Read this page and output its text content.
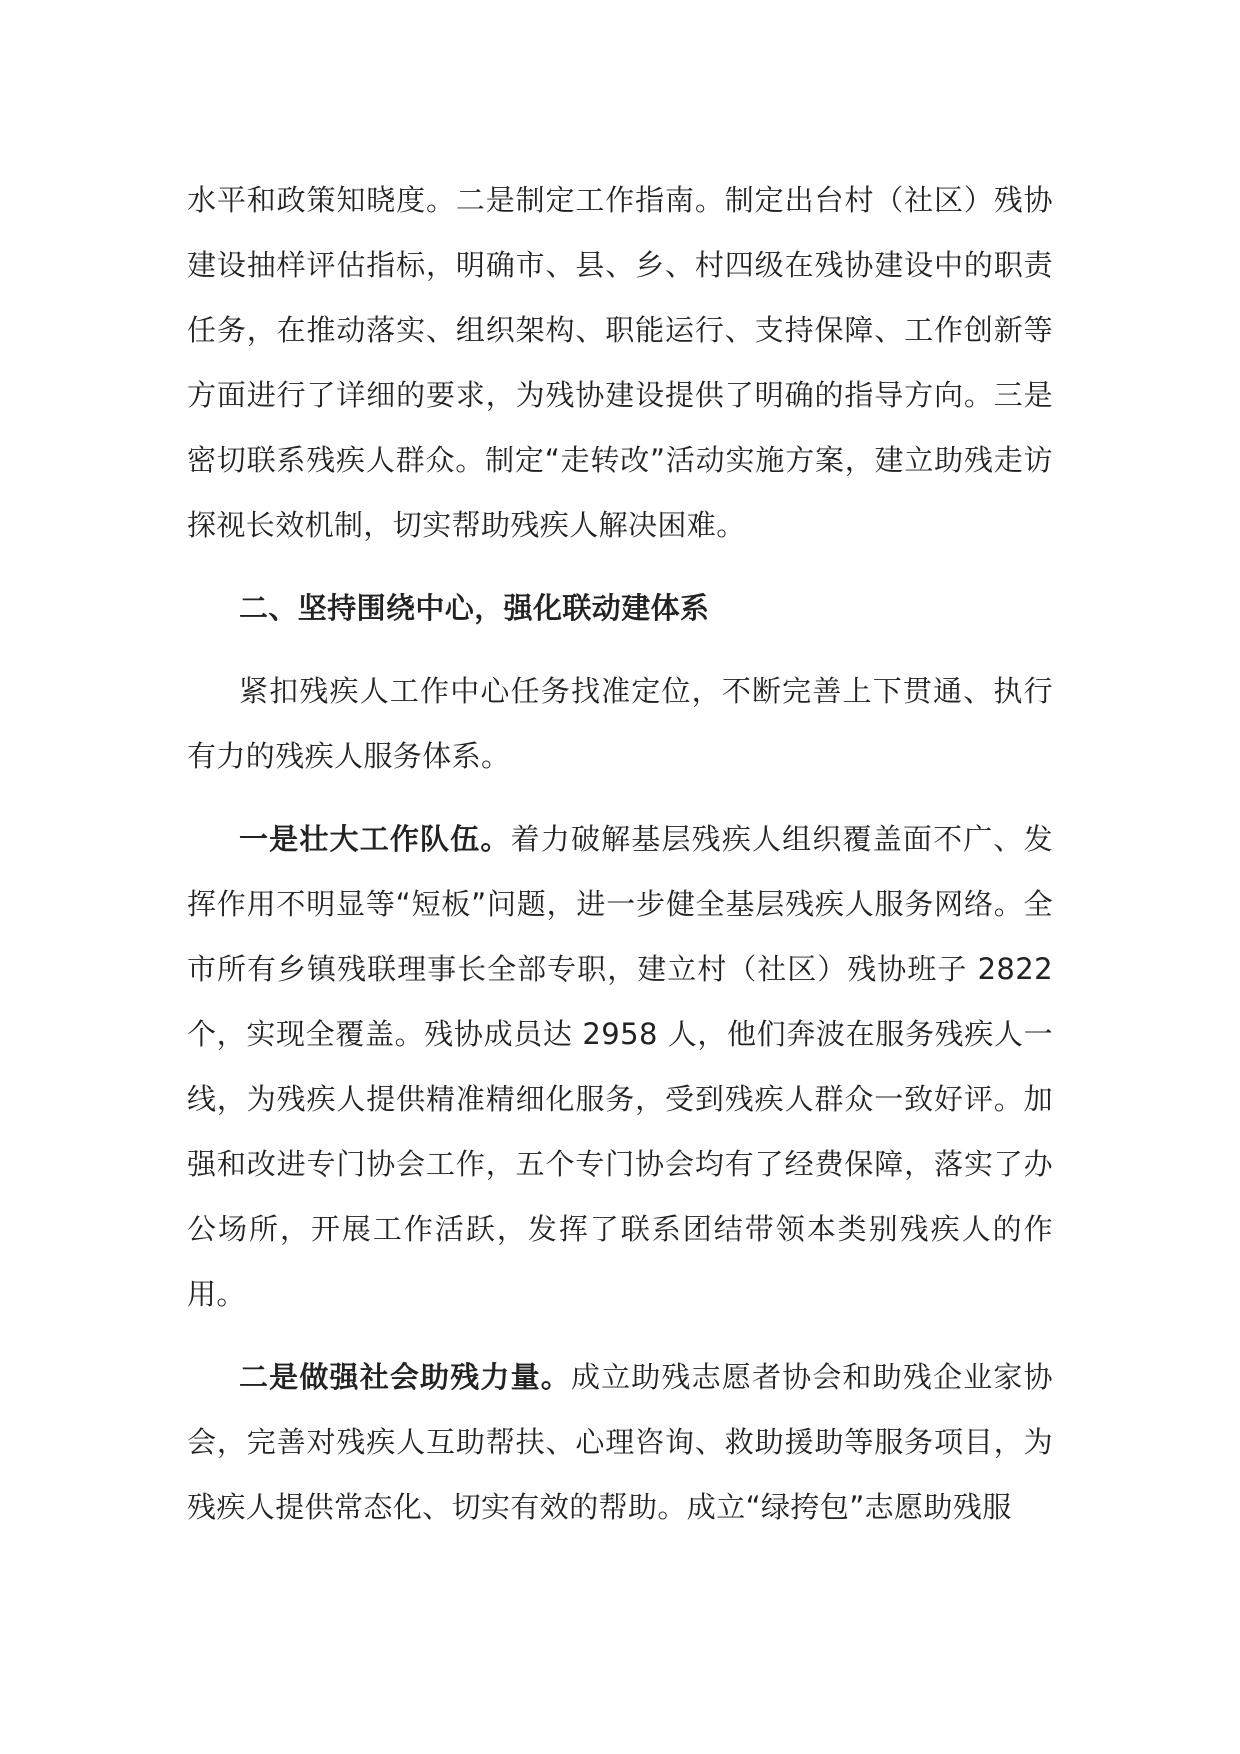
水平和政策知晓度。二是制定工作指南。制定出台村（社区）残协建设抽样评估指标，明确市、县、乡、村四级在残协建设中的职责任务，在推动落实、组织架构、职能运行、支持保障、工作创新等方面进行了详细的要求，为残协建设提供了明确的指导方向。三是密切联系残疾人群众。制定“走转改”活动实施方案，建立助残走访探视长效机制，切实帮助残疾人解决困难。

二、坚持围绕中心，强化联动建体系

紧扣残疾人工作中心任务找准定位，不断完善上下贯通、执行有力的残疾人服务体系。

一是壮大工作队伍。着力破解基层残疾人组织覆盖面不广、发挥作用不明显等“短板”问题，进一步健全基层残疾人服务网络。全市所有乡镇残联理事长全部专职，建立村（社区）残协班子 2822 个，实现全覆盖。残协成员达 2958 人，他们奔波在服务残疾人一线，为残疾人提供精准精细化服务，受到残疾人群众一致好评。加强和改进专门协会工作，五个专门协会均有了经费保障，落实了办公场所，开展工作活跃，发挥了联系团结带领本类别残疾人的作用。

二是做强社会助残力量。成立助残志愿者协会和助残企业家协会，完善对残疾人互助帮扶、心理咨询、救助援助等服务项目，为残疾人提供常态化、切实有效的帮助。成立“绿挎包”志愿助残服
